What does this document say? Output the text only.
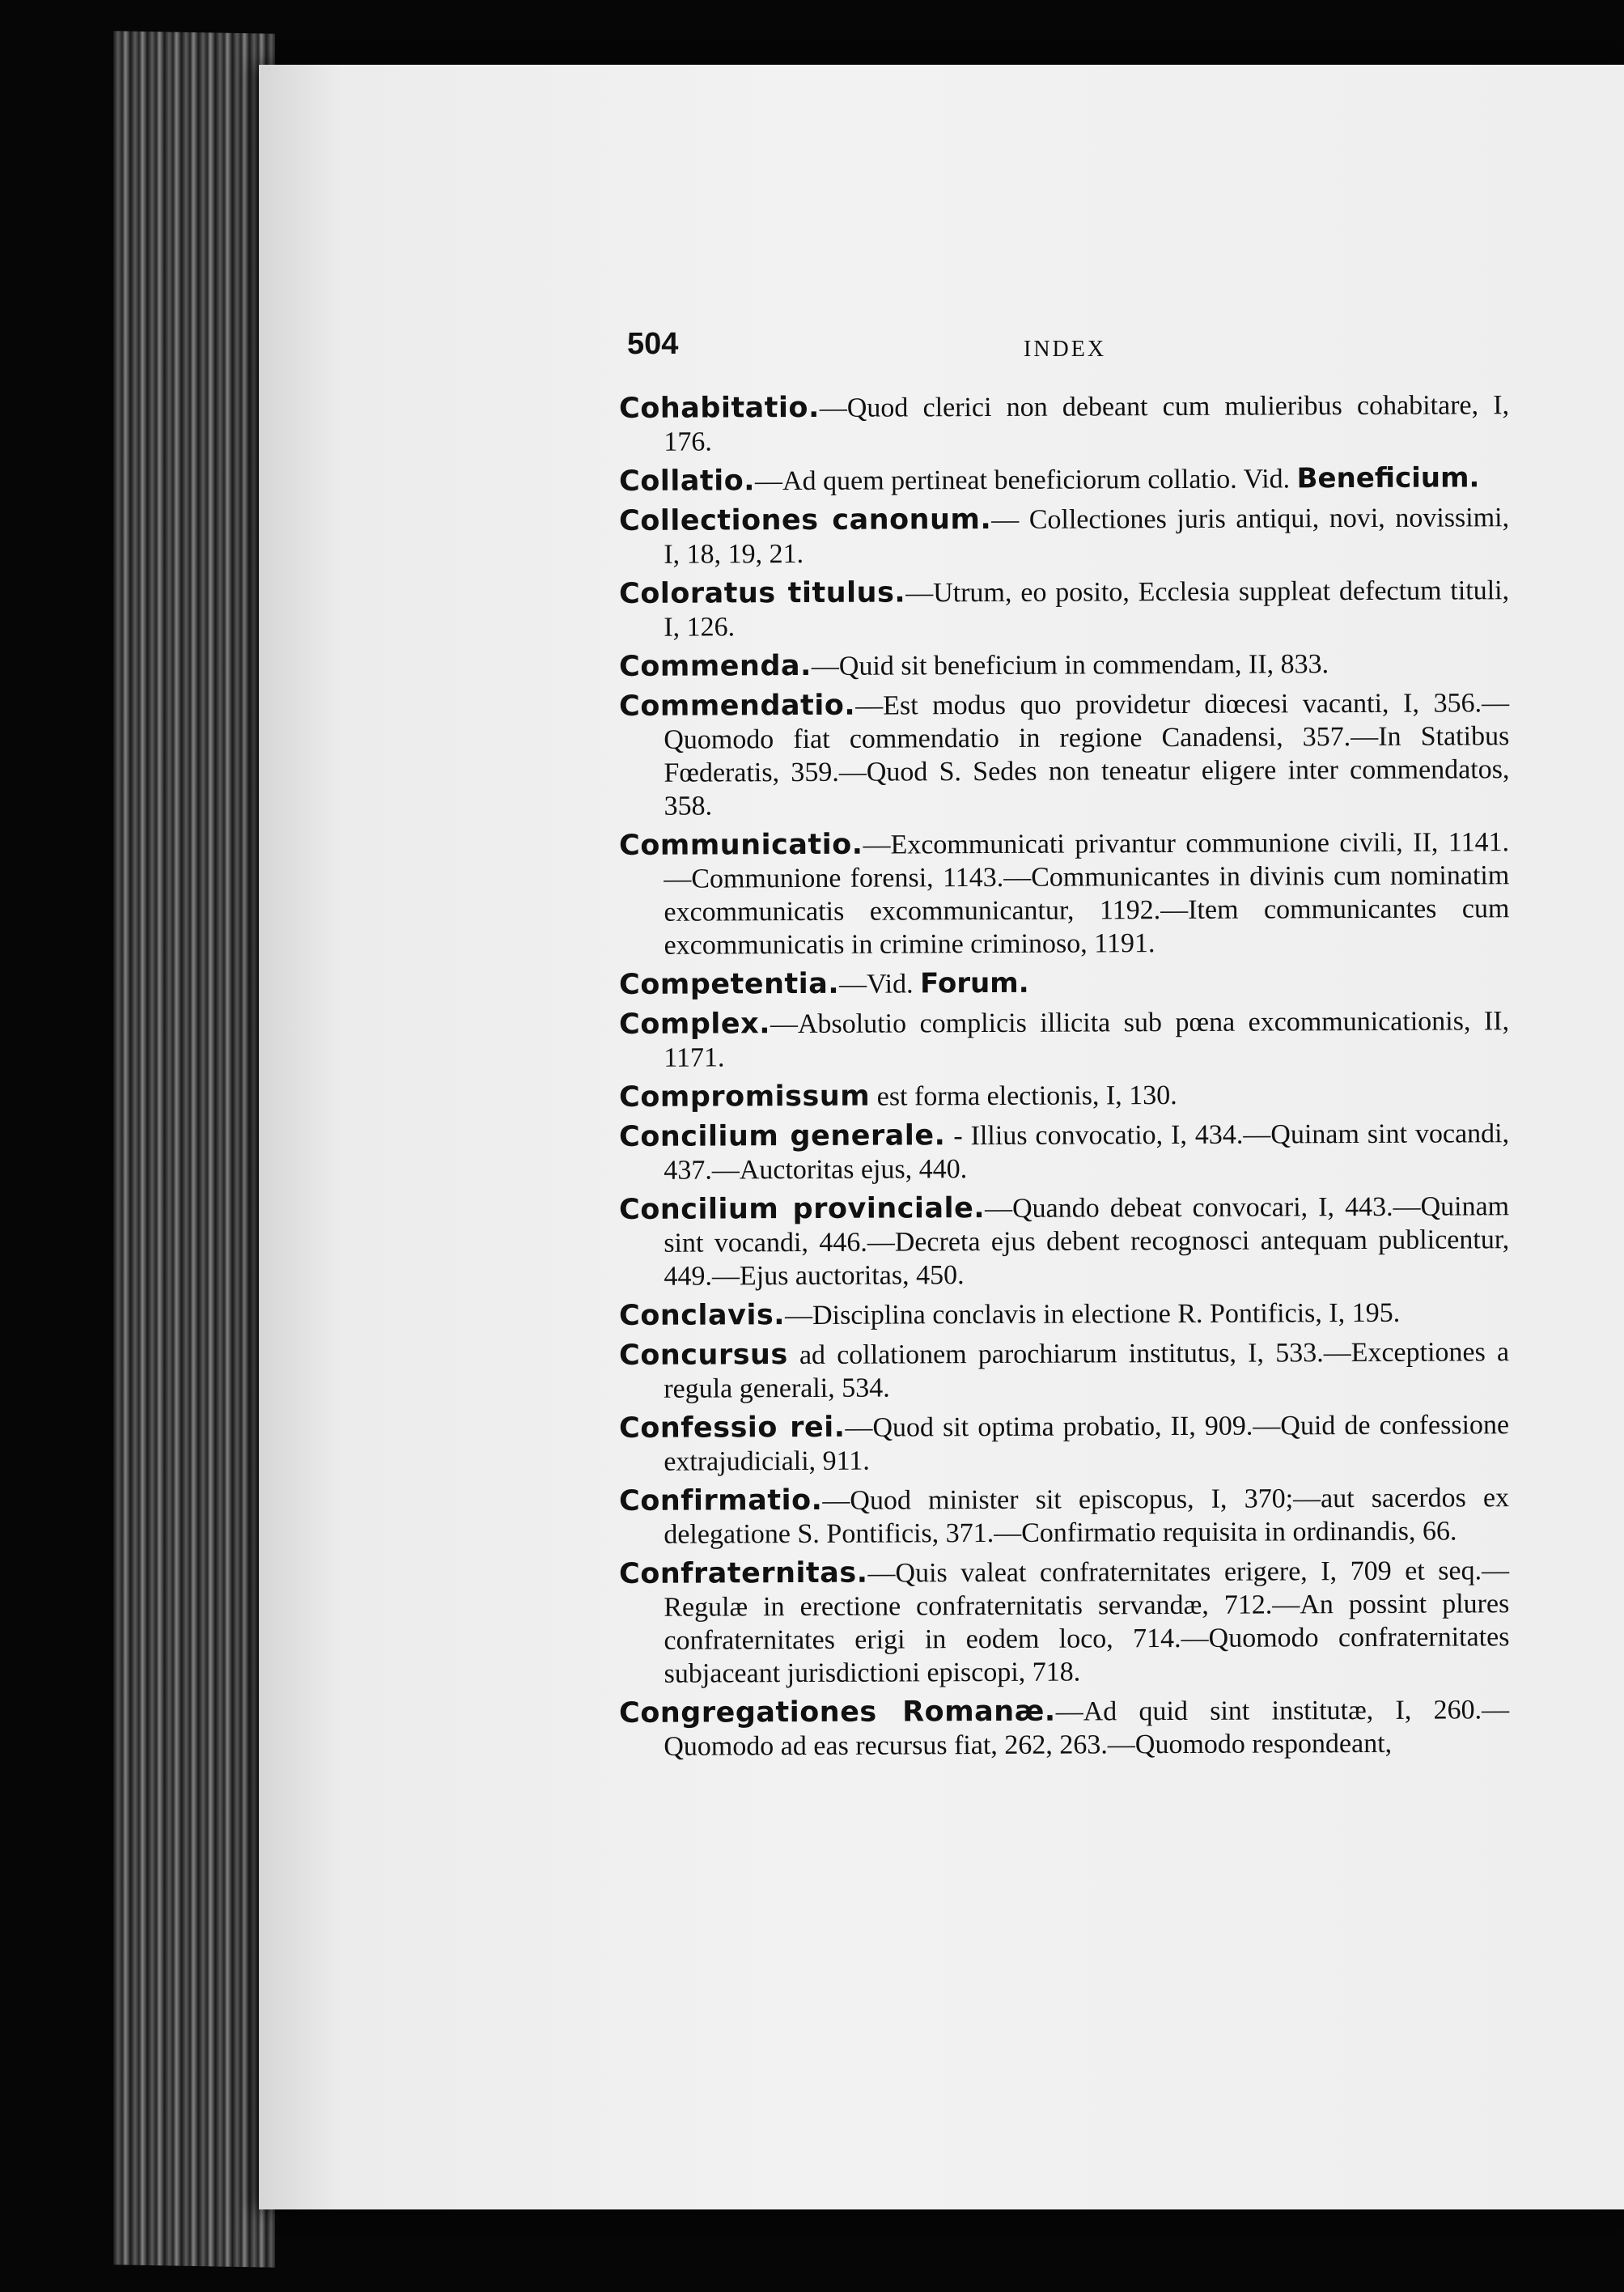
504	INDEX
Cohabitatio.—Quod clerici non debeant cum mulieribus cohabitare, I, 176.
Collatio.—Ad quem pertineat beneficiorum collatio. Vid. Beneficium.
Collectiones canonum.— Collectiones juris antiqui, novi, novissimi, I, 18, 19, 21.
Coloratus titulus.—Utrum, eo posito, Ecclesia suppleat defectum tituli, I, 126.
Commenda.—Quid sit beneficium in commendam, II, 833.
Commendatio.—Est modus quo providetur diœcesi vacanti, I, 356.—Quomodo fiat commendatio in regione Canadensi, 357.—In Statibus Fœderatis, 359.—Quod S. Sedes non teneatur eligere inter commendatos, 358.
Communicatio.—Excommunicati privantur communione civili, II, 1141.—Communione forensi, 1143.—Communicantes in divinis cum nominatim excommunicatis excommunicantur, 1192.—Item communicantes cum excommunicatis in crimine criminoso, 1191.
Competentia.—Vid. Forum.
Complex.—Absolutio complicis illicita sub pœna excommunicationis, II, 1171.
Compromissum est forma electionis, I, 130.
Concilium generale. - Illius convocatio, I, 434.—Quinam sint vocandi, 437.—Auctoritas ejus, 440.
Concilium provinciale.—Quando debeat convocari, I, 443.—Quinam sint vocandi, 446.—Decreta ejus debent recognosci antequam publicentur, 449.—Ejus auctoritas, 450.
Conclavis.—Disciplina conclavis in electione R. Pontificis, I, 195.
Concursus ad collationem parochiarum institutus, I, 533.—Exceptiones a regula generali, 534.
Confessio rei.—Quod sit optima probatio, II, 909.—Quid de confessione extrajudiciali, 911.
Confirmatio.—Quod minister sit episcopus, I, 370;—aut sacerdos ex delegatione S. Pontificis, 371.—Confirmatio requisita in ordinandis, 66.
Confraternitas.—Quis valeat confraternitates erigere, I, 709 et seq.—Regulæ in erectione confraternitatis servandæ, 712.—An possint plures confraternitates erigi in eodem loco, 714.—Quomodo confraternitates subjaceant jurisdictioni episcopi, 718.
Congregationes Romanæ.—Ad quid sint institutæ, I, 260.—Quomodo ad eas recursus fiat, 262, 263.—Quomodo respondeant,
